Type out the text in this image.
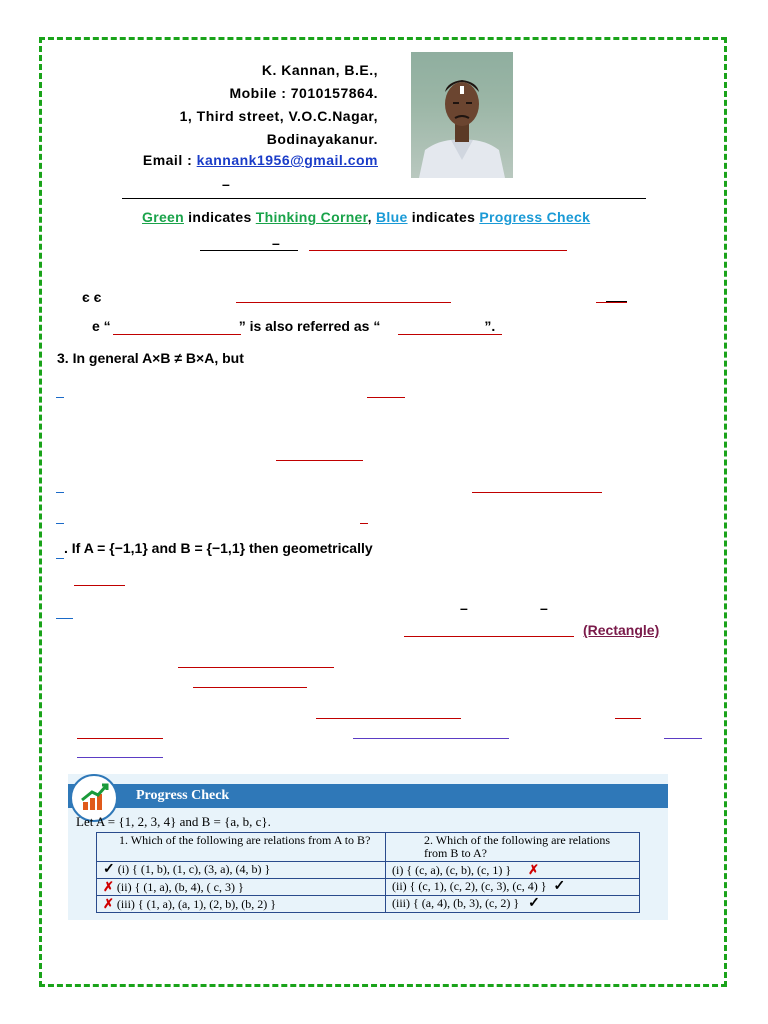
K. Kannan, B.E.,
Mobile : 7010157864.
1, Third street, V.O.C.Nagar,
Bodinayakanur.
Email : kannank1956@gmail.com
–
Green indicates Thinking Corner, Blue indicates Progress Check
–
є є
e “	” is also referred as “	”.
3. In general A×B ≠ B×A, but
. If A = {−1,1} and B = {−1,1} then geometrically
–	–
(Rectangle)
Progress Check
Let A = {1, 2, 3, 4} and B = {a, b, c}.
1. Which of the following are relations from A to B?	2. Which of the following are relations from B to A?
✓ (i) { (1, b), (1, c), (3, a), (4, b) }	(i) { (c, a), (c, b), (c, 1) } ✗
✗ (ii) { (1, a), (b, 4), ( c, 3) }	(ii) { (c, 1), (c, 2), (c, 3), (c, 4) } ✓
✗ (iii) { (1, a), (a, 1), (2, b), (b, 2) }	(iii) { (a, 4), (b, 3), (c, 2) } ✓
